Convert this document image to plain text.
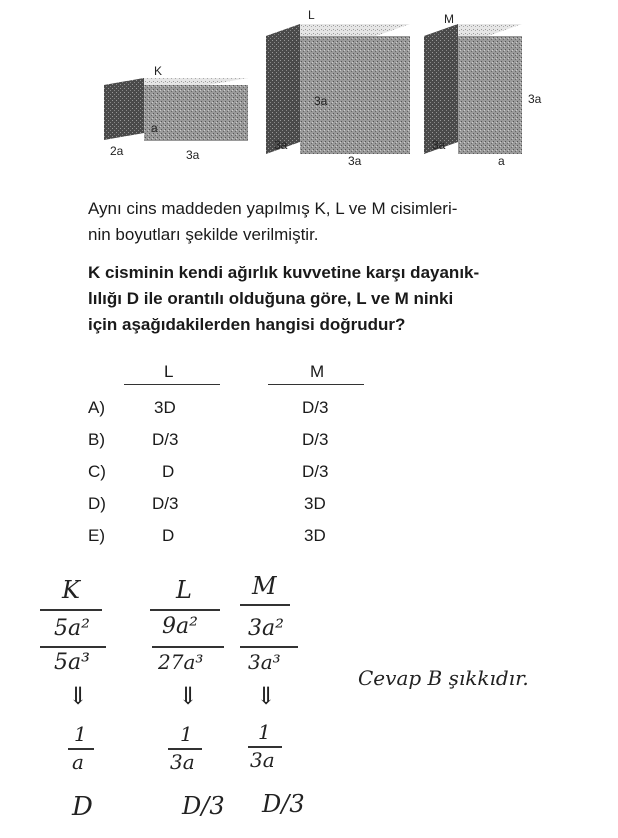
K
a
2a	3a
L
3a
3a
3a
M
3a
3a
a
Aynı cins maddeden yapılmış K, L ve M cisimleri-
nin boyutları şekilde verilmiştir.
K cisminin kendi ağırlık kuvvetine karşı dayanık-
lılığı D ile orantılı olduğuna göre, L ve M ninki
için aşağıdakilerden hangisi doğrudur?
L	M
A)	3D	D/3
B)	D/3	D/3
C)	D	D/3
D)	D/3	3D
E)	D	3D
K
5a²
5a³
⇓
1
a
D
L
9a²
27a³
⇓
1
3a
D/3
M
3a²
3a³
⇓
1
3a
D/3
Cevap B şıkkıdır.
